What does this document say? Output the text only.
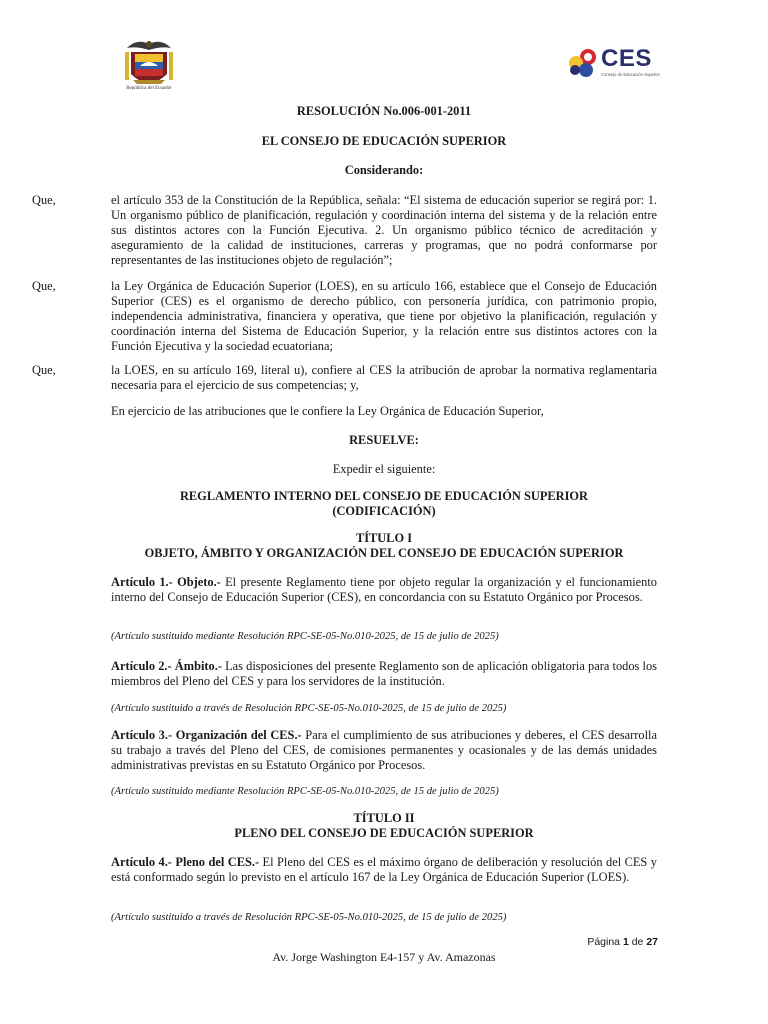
República del Ecuador
CES
Consejo de Educación Superior
RESOLUCIÓN No.006-001-2011
EL CONSEJO DE EDUCACIÓN SUPERIOR
Considerando:
Que,	el artículo 353 de la Constitución de la República, señala: “El sistema de educación superior se regirá por: 1. Un organismo público de planificación, regulación y coordinación interna del sistema y de la relación entre sus distintos actores con la Función Ejecutiva. 2. Un organismo público técnico de acreditación y aseguramiento de la calidad de instituciones, carreras y programas, que no podrá conformarse por representantes de las instituciones objeto de regulación”;
Que,	la Ley Orgánica de Educación Superior (LOES), en su artículo 166, establece que el Consejo de Educación Superior (CES) es el organismo de derecho público, con personería jurídica, con patrimonio propio, independencia administrativa, financiera y operativa, que tiene por objetivo la planificación, regulación y coordinación interna del Sistema de Educación Superior, y la relación entre sus distintos actores con la Función Ejecutiva y la sociedad ecuatoriana;
Que,	la LOES, en su artículo 169, literal u), confiere al CES la atribución de aprobar la normativa reglamentaria necesaria para el ejercicio de sus competencias; y,
En ejercicio de las atribuciones que le confiere la Ley Orgánica de Educación Superior,
RESUELVE:
Expedir el siguiente:
REGLAMENTO INTERNO DEL CONSEJO DE EDUCACIÓN SUPERIOR
(CODIFICACIÓN)
TÍTULO I
OBJETO, ÁMBITO Y ORGANIZACIÓN DEL CONSEJO DE EDUCACIÓN SUPERIOR
Artículo 1.- Objeto.- El presente Reglamento tiene por objeto regular la organización y el funcionamiento interno del Consejo de Educación Superior (CES), en concordancia con su Estatuto Orgánico por Procesos.
(Artículo sustituido mediante Resolución RPC-SE-05-No.010-2025, de 15 de julio de 2025)
Artículo 2.- Ámbito.- Las disposiciones del presente Reglamento son de aplicación obligatoria para todos los miembros del Pleno del CES y para los servidores de la institución.
(Artículo sustituido a través de Resolución RPC-SE-05-No.010-2025, de 15 de julio de 2025)
Artículo 3.- Organización del CES.- Para el cumplimiento de sus atribuciones y deberes, el CES desarrolla su trabajo a través del Pleno del CES, de comisiones permanentes y ocasionales y de las demás unidades administrativas previstas en su Estatuto Orgánico por Procesos.
(Artículo sustituido mediante Resolución RPC-SE-05-No.010-2025, de 15 de julio de 2025)
TÍTULO II
PLENO DEL CONSEJO DE EDUCACIÓN SUPERIOR
Artículo 4.- Pleno del CES.- El Pleno del CES es el máximo órgano de deliberación y resolución del CES y está conformado según lo previsto en el artículo 167 de la Ley Orgánica de Educación Superior (LOES).
(Artículo sustituido a través de Resolución RPC-SE-05-No.010-2025, de 15 de julio de 2025)
Página 1 de 27
Av. Jorge Washington E4-157 y Av. Amazonas
